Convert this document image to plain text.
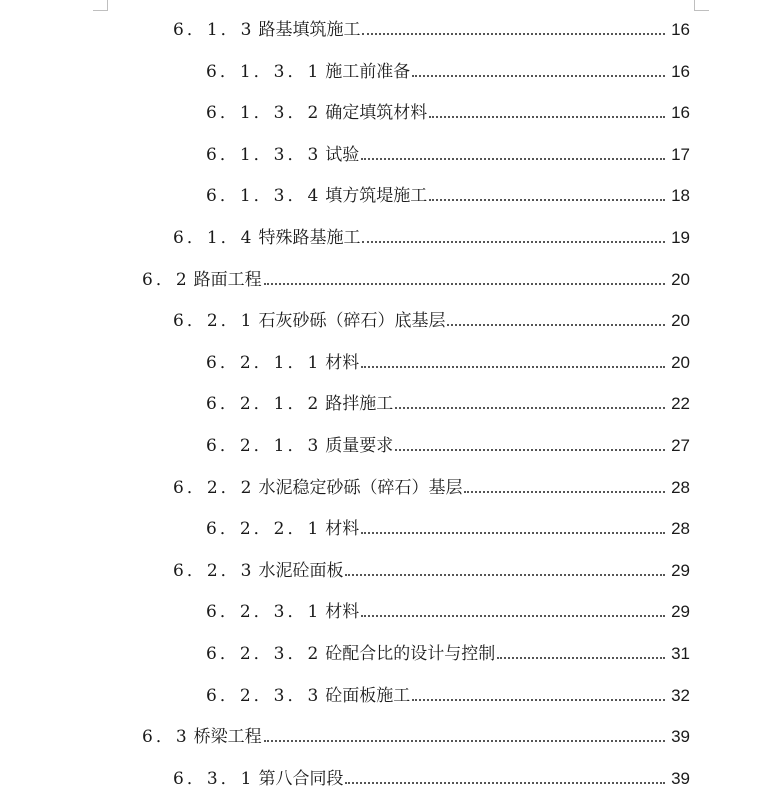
6．1．3 路基填筑施工	16
6．1．3．1 施工前准备	16
6．1．3．2 确定填筑材料	16
6．1．3．3 试验	17
6．1．3．4 填方筑堤施工	18
6．1．4 特殊路基施工	19
6．2 路面工程	20
6．2．1 石灰砂砾（碎石）底基层	20
6．2．1．1 材料	20
6．2．1．2 路拌施工	22
6．2．1．3 质量要求	27
6．2．2 水泥稳定砂砾（碎石）基层	28
6．2．2．1 材料	28
6．2．3 水泥砼面板	29
6．2．3．1 材料	29
6．2．3．2 砼配合比的设计与控制	31
6．2．3．3 砼面板施工	32
6．3 桥梁工程	39
6．3．1 第八合同段	39
